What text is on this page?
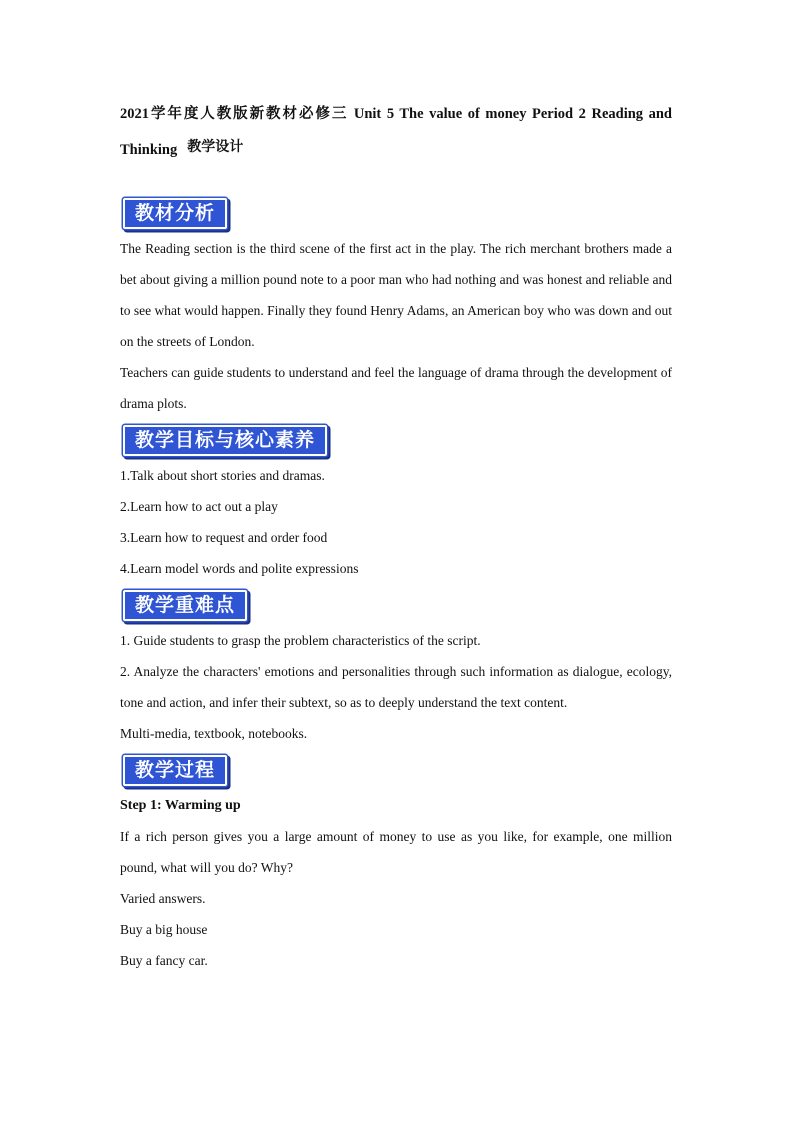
2021学年度人教版新教材必修三 Unit 5 The value of money Period 2 Reading and Thinking 教学设计

教材分析

The Reading section is the third scene of the first act in the play. The rich merchant brothers made a bet about giving a million pound note to a poor man who had nothing and was honest and reliable and to see what would happen. Finally they found Henry Adams, an American boy who was down and out on the streets of London.

Teachers can guide students to understand and feel the language of drama through the development of drama plots.

教学目标与核心素养

1.Talk about short stories and dramas.

2.Learn how to act out a play

3.Learn how to request and order food

4.Learn model words and polite expressions

教学重难点

1. Guide students to grasp the problem characteristics of the script.

2. Analyze the characters' emotions and personalities through such information as dialogue, ecology, tone and action, and infer their subtext, so as to deeply understand the text content.

Multi-media, textbook, notebooks.

教学过程

Step 1: Warming up

If a rich person gives you a large amount of money to use as you like, for example, one million pound, what will you do? Why?

Varied answers.

Buy a big house

Buy a fancy car.
